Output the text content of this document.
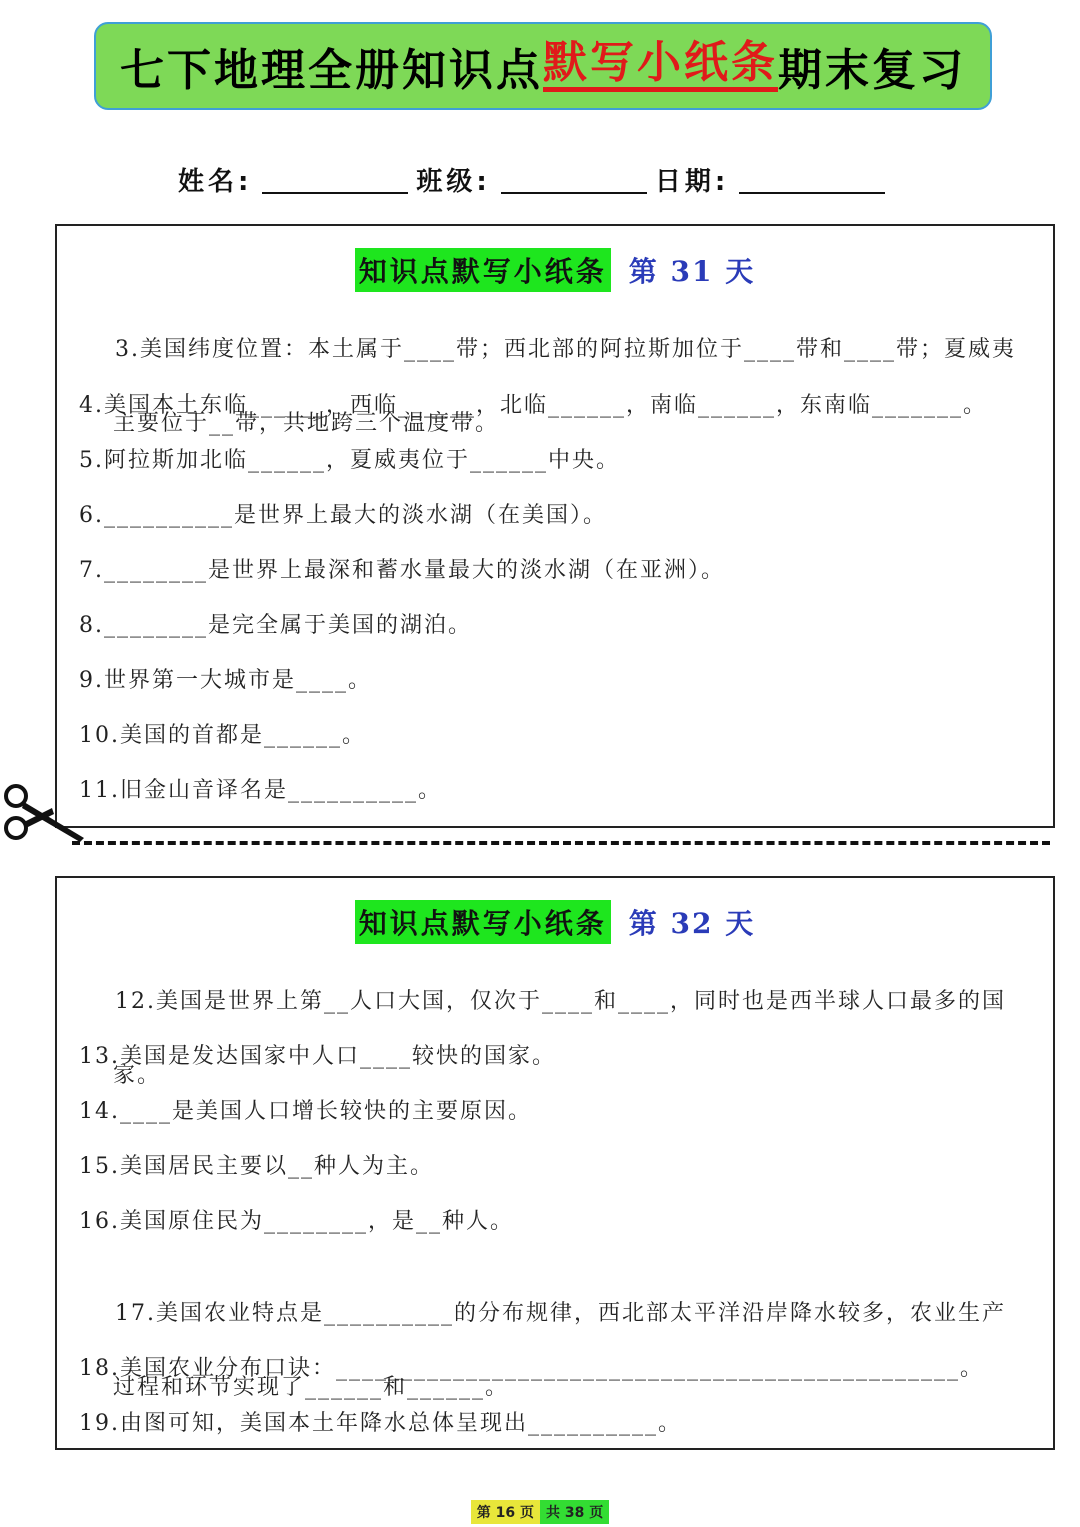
七下地理全册知识点 默写小纸条 期末复习
姓名:	班级:	日期:
知识点默写小纸条 第 31 天

3.美国纬度位置：本土属于____带；西北部的阿拉斯加位于____带和____带；夏威夷

主要位于__带，共地跨三个温度带。

4.美国本土东临______，西临______，北临______，南临______，东南临_______。
5.阿拉斯加北临______，夏威夷位于______中央。
6.__________是世界上最大的淡水湖（在美国）。
7.________是世界上最深和蓄水量最大的淡水湖（在亚洲）。
8.________是完全属于美国的湖泊。
9.世界第一大城市是____。
10.美国的首都是______。
11.旧金山音译名是__________。
知识点默写小纸条 第 32 天

12.美国是世界上第__人口大国，仅次于____和____，同时也是西半球人口最多的国

家。

13.美国是发达国家中人口____较快的国家。
14.____是美国人口增长较快的主要原因。
15.美国居民主要以__种人为主。
16.美国原住民为________，是__种人。

17.美国农业特点是__________的分布规律，西北部太平洋沿岸降水较多，农业生产

过程和环节实现了______和______。

18.美国农业分布口诀：________________________________________________。
19.由图可知，美国本土年降水总体呈现出__________。
第 16 页 共 38 页
